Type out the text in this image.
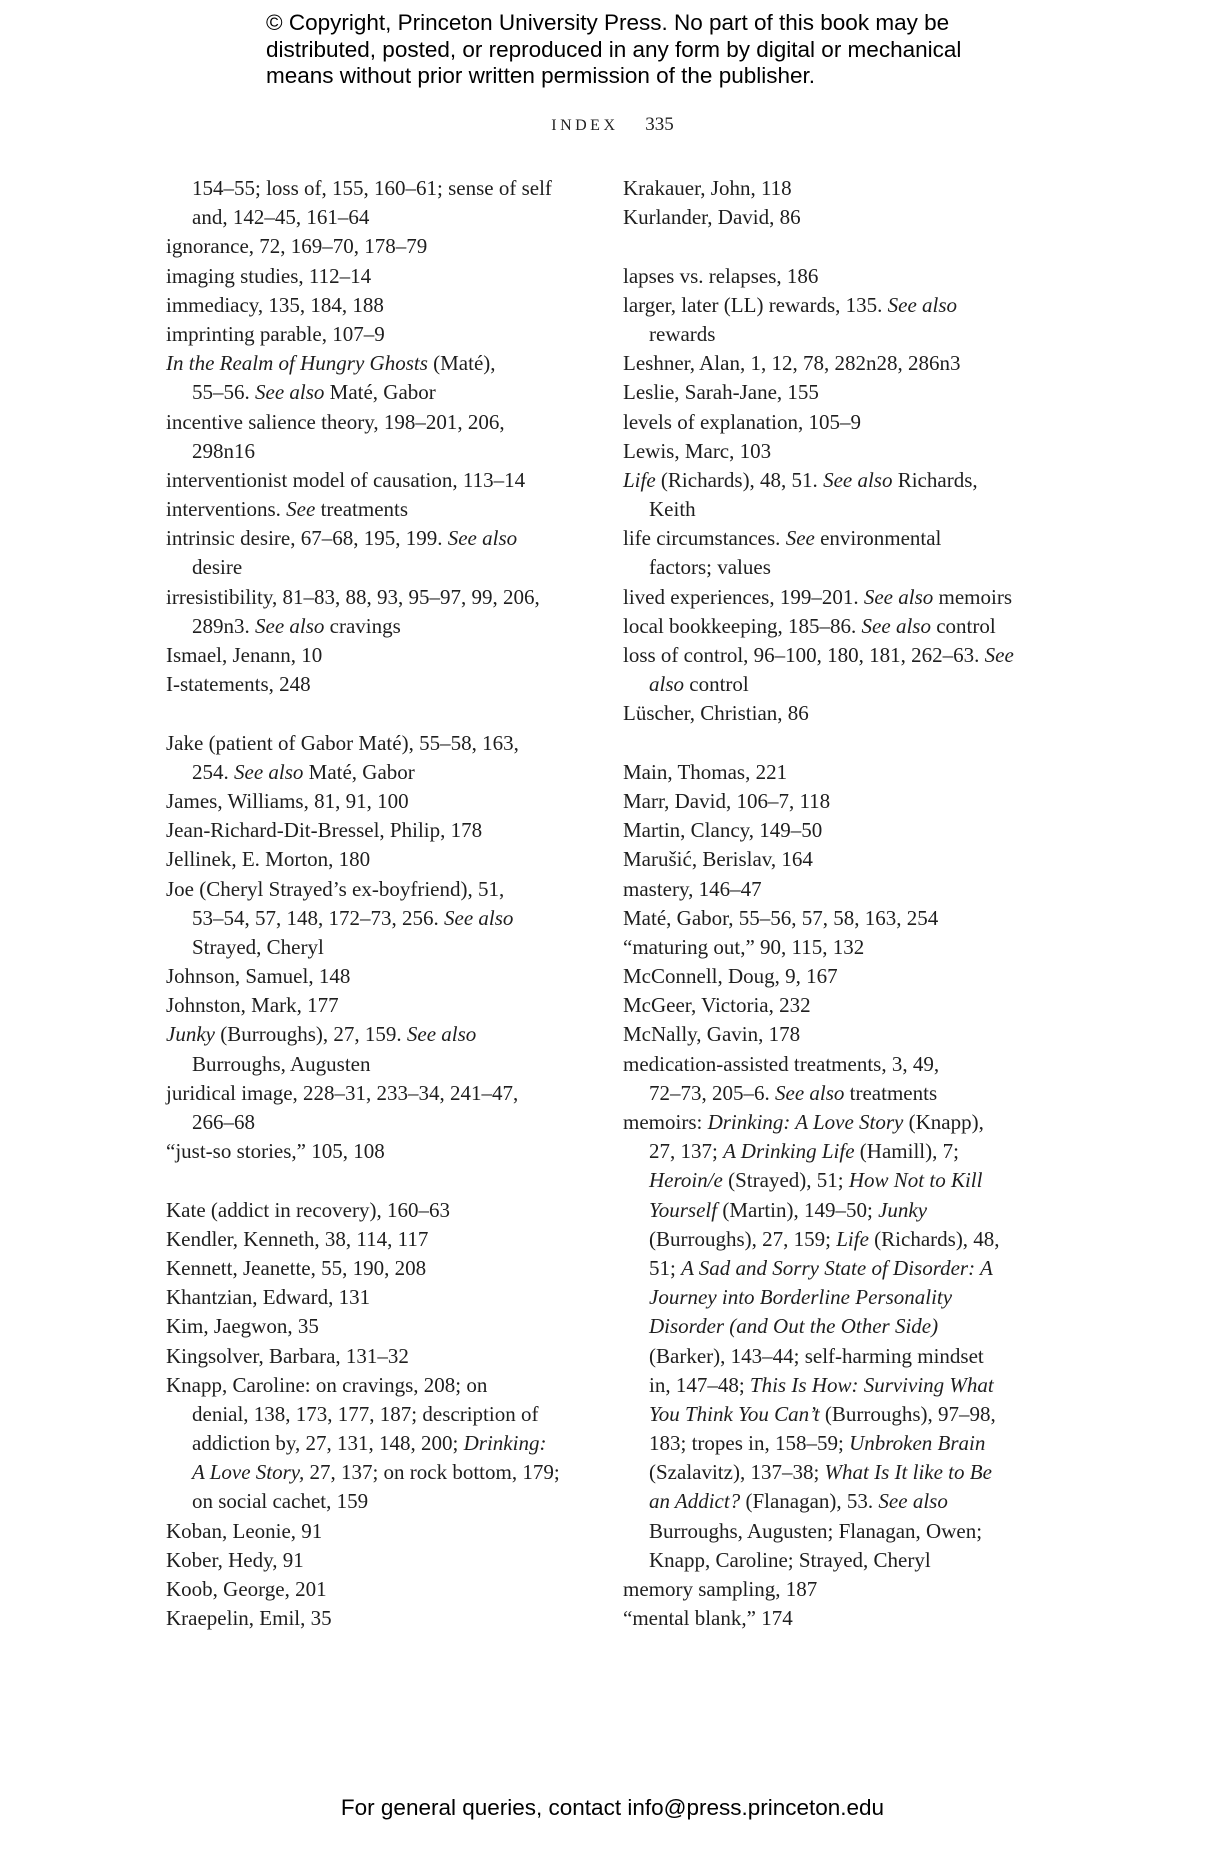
© Copyright, Princeton University Press. No part of this book may be
distributed, posted, or reproduced in any form by digital or mechanical
means without prior written permission of the publisher.
INDEX 335
154–55; loss of, 155, 160–61; sense of self
and, 142–45, 161–64
ignorance, 72, 169–70, 178–79
imaging studies, 112–14
immediacy, 135, 184, 188
imprinting parable, 107–9
In the Realm of Hungry Ghosts (Maté),
55–56. See also Maté, Gabor
incentive salience theory, 198–201, 206,
298n16
interventionist model of causation, 113–14
interventions. See treatments
intrinsic desire, 67–68, 195, 199. See also
desire
irresistibility, 81–83, 88, 93, 95–97, 99, 206,
289n3. See also cravings
Ismael, Jenann, 10
I-statements, 248
Jake (patient of Gabor Maté), 55–58, 163,
254. See also Maté, Gabor
James, Williams, 81, 91, 100
Jean-Richard-Dit-Bressel, Philip, 178
Jellinek, E. Morton, 180
Joe (Cheryl Strayed’s ex-boyfriend), 51,
53–54, 57, 148, 172–73, 256. See also
Strayed, Cheryl
Johnson, Samuel, 148
Johnston, Mark, 177
Junky (Burroughs), 27, 159. See also
Burroughs, Augusten
juridical image, 228–31, 233–34, 241–47,
266–68
“just-so stories,” 105, 108
Kate (addict in recovery), 160–63
Kendler, Kenneth, 38, 114, 117
Kennett, Jeanette, 55, 190, 208
Khantzian, Edward, 131
Kim, Jaegwon, 35
Kingsolver, Barbara, 131–32
Knapp, Caroline: on cravings, 208; on
denial, 138, 173, 177, 187; description of
addiction by, 27, 131, 148, 200; Drinking:
A Love Story, 27, 137; on rock bottom, 179;
on social cachet, 159
Koban, Leonie, 91
Kober, Hedy, 91
Koob, George, 201
Kraepelin, Emil, 35
Krakauer, John, 118
Kurlander, David, 86
lapses vs. relapses, 186
larger, later (LL) rewards, 135. See also
rewards
Leshner, Alan, 1, 12, 78, 282n28, 286n3
Leslie, Sarah-Jane, 155
levels of explanation, 105–9
Lewis, Marc, 103
Life (Richards), 48, 51. See also Richards,
Keith
life circumstances. See environmental
factors; values
lived experiences, 199–201. See also memoirs
local bookkeeping, 185–86. See also control
loss of control, 96–100, 180, 181, 262–63. See
also control
Lüscher, Christian, 86
Main, Thomas, 221
Marr, David, 106–7, 118
Martin, Clancy, 149–50
Marušić, Berislav, 164
mastery, 146–47
Maté, Gabor, 55–56, 57, 58, 163, 254
“maturing out,” 90, 115, 132
McConnell, Doug, 9, 167
McGeer, Victoria, 232
McNally, Gavin, 178
medication-assisted treatments, 3, 49,
72–73, 205–6. See also treatments
memoirs: Drinking: A Love Story (Knapp),
27, 137; A Drinking Life (Hamill), 7;
Heroin/e (Strayed), 51; How Not to Kill
Yourself (Martin), 149–50; Junky
(Burroughs), 27, 159; Life (Richards), 48,
51; A Sad and Sorry State of Disorder: A
Journey into Borderline Personality
Disorder (and Out the Other Side)
(Barker), 143–44; self-harming mindset
in, 147–48; This Is How: Surviving What
You Think You Can’t (Burroughs), 97–98,
183; tropes in, 158–59; Unbroken Brain
(Szalavitz), 137–38; What Is It like to Be
an Addict? (Flanagan), 53. See also
Burroughs, Augusten; Flanagan, Owen;
Knapp, Caroline; Strayed, Cheryl
memory sampling, 187
“mental blank,” 174
For general queries, contact info@press.princeton.edu
